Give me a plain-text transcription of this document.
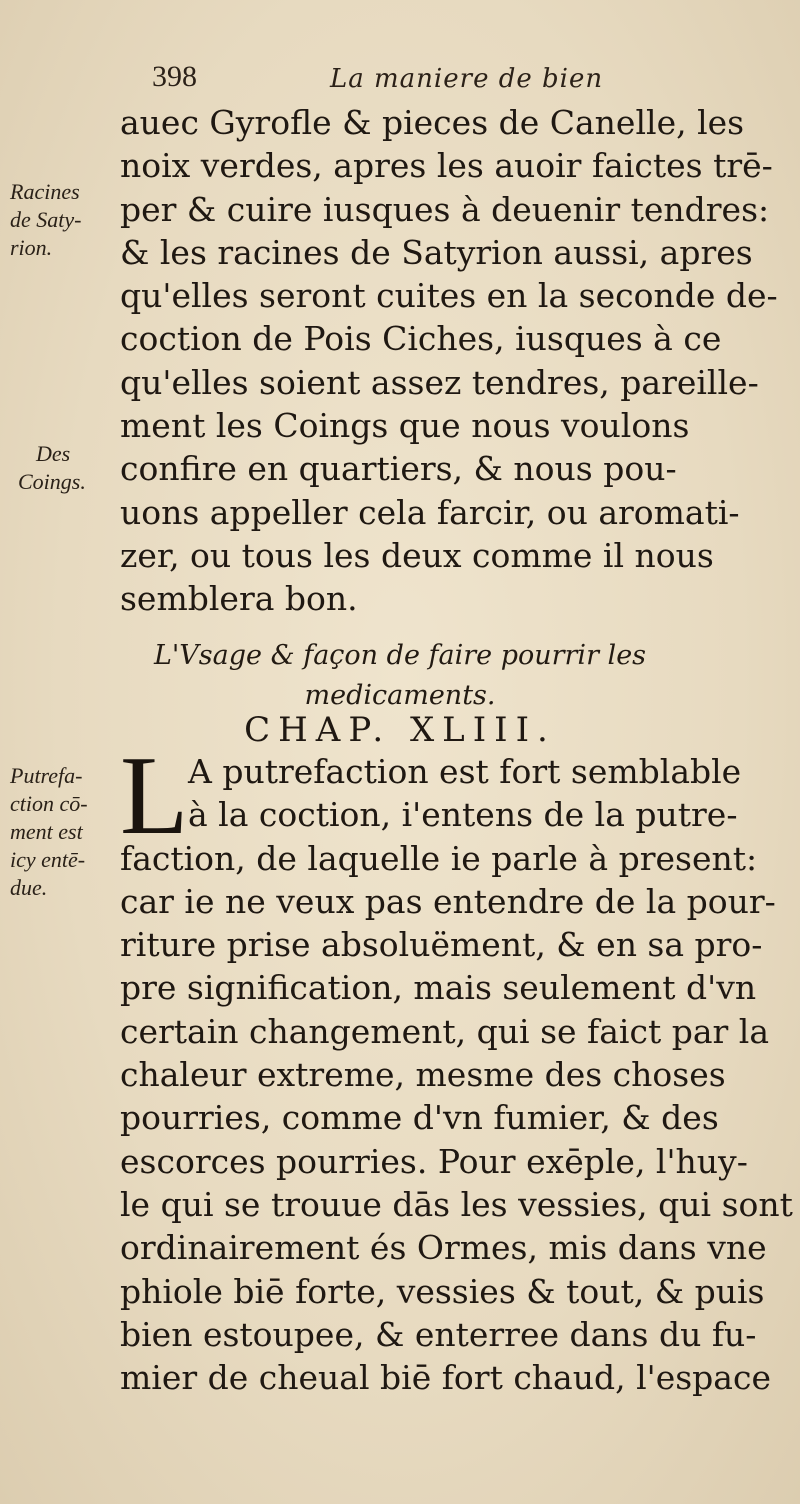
398	La maniere de bien
auec Gyrofle & pieces de Canelle, les
noix verdes, apres les auoir faictes trē-
per & cuire iusques à deuenir tendres:
& les racines de Satyrion aussi, apres
qu'elles seront cuites en la seconde de-
coction de Pois Ciches, iusques à ce
qu'elles soient assez tendres, pareille-
ment les Coings que nous voulons
confire en quartiers, & nous pou-
uons appeller cela farcir, ou aromati-
zer, ou tous les deux comme il nous
semblera bon.
Racines
de Saty-
rion.
Des
Coings.
L'Vsage & façon de faire pourrir les
medicaments.
CHAP. XLIII.
L
Putrefa-
ction cō-
ment est
icy entē-
due.
A putrefaction est fort semblable
à la coction, i'entens de la putre-
faction, de laquelle ie parle à present:
car ie ne veux pas entendre de la pour-
riture prise absoluëment, & en sa pro-
pre signification, mais seulement d'vn
certain changement, qui se faict par la
chaleur extreme, mesme des choses
pourries, comme d'vn fumier, & des
escorces pourries. Pour exēple, l'huy-
le qui se trouue dās les vessies, qui sont
ordinairement és Ormes, mis dans vne
phiole biē forte, vessies & tout, & puis
bien estoupee, & enterree dans du fu-
mier de cheual biē fort chaud, l'espace
